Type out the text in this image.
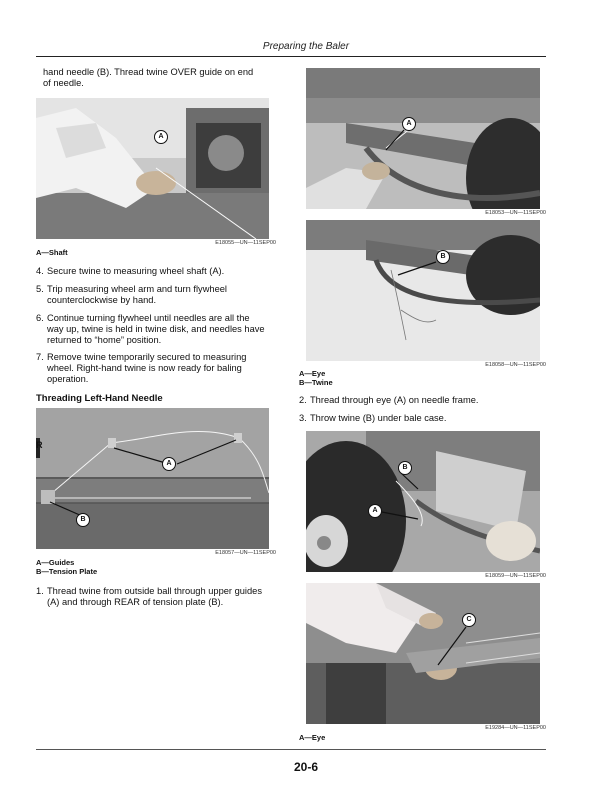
Preparing the Baler
hand needle (B). Thread twine OVER guide on end
of needle.
A
E18055—UN—11SEP00
A—Shaft
4. Secure twine to measuring wheel shaft (A).
5. Trip measuring wheel arm and turn flywheel
counterclockwise by hand.
6. Continue turning flywheel until needles are all the
way up, twine is held in twine disk, and needles have
returned to “home” position.
7. Remove twine temporarily secured to measuring
wheel. Right-hand twine is now ready for baling
operation.
Threading Left-Hand Needle
R
A
B
E18057—UN—11SEP00
A—Guides
B—Tension Plate
1. Thread twine from outside ball through upper guides
(A) and through REAR of tension plate (B).
A
E18053—UN—11SEP00
B
E18058—UN—11SEP00
A—Eye
B—Twine
2. Thread through eye (A) on needle frame.
3. Throw twine (B) under bale case.
B
A
E18059—UN—11SEP00
C
E19284—UN—11SEP00
A—Eye
20-6
